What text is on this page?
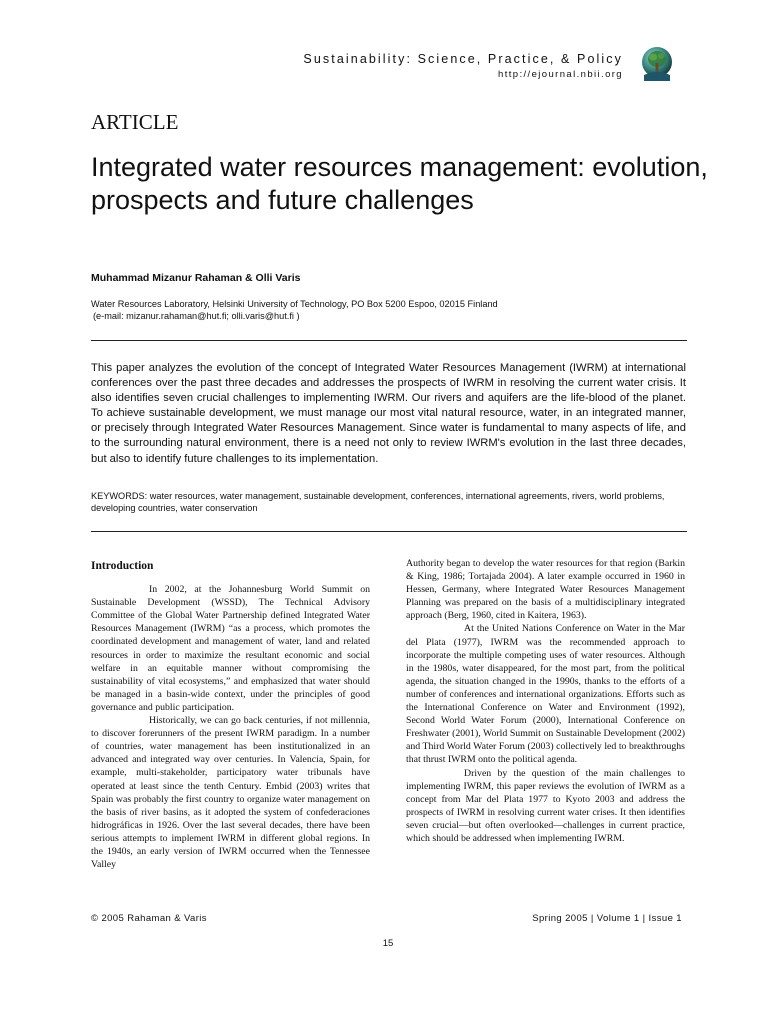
Sustainability: Science, Practice, & Policy
http://ejournal.nbii.org
ARTICLE
Integrated water resources management: evolution, prospects and future challenges
Muhammad Mizanur Rahaman & Olli Varis
Water Resources Laboratory, Helsinki University of Technology, PO Box 5200 Espoo, 02015 Finland
(e-mail: mizanur.rahaman@hut.fi; olli.varis@hut.fi )

This paper analyzes the evolution of the concept of Integrated Water Resources Management (IWRM) at international conferences over the past three decades and addresses the prospects of IWRM in resolving the current water crisis. It also identifies seven crucial challenges to implementing IWRM. Our rivers and aquifers are the life-blood of the planet. To achieve sustainable development, we must manage our most vital natural resource, water, in an integrated manner, or precisely through Integrated Water Resources Management. Since water is fundamental to many aspects of life, and to the surrounding natural environment, there is a need not only to review IWRM's evolution in the last three decades, but also to identify future challenges to its implementation.

KEYWORDS: water resources, water management, sustainable development, conferences, international agreements, rivers, world problems, developing countries, water conservation

Introduction

In 2002, at the Johannesburg World Summit on Sustainable Development (WSSD), The Technical Advisory Committee of the Global Water Partnership defined Integrated Water Resources Management (IWRM) “as a process, which promotes the coordinated development and management of water, land and related resources in order to maximize the resultant economic and social welfare in an equitable manner without compromising the sustainability of vital ecosystems,” and emphasized that water should be managed in a basin-wide context, under the principles of good governance and public participation.

Historically, we can go back centuries, if not millennia, to discover forerunners of the present IWRM paradigm. In a number of countries, water management has been institutionalized in an advanced and integrated way over centuries. In Valencia, Spain, for example, multi-stakeholder, participatory water tribunals have operated at least since the tenth Century. Embid (2003) writes that Spain was probably the first country to organize water management on the basis of river basins, as it adopted the system of confederaciones hidrográficas in 1926. Over the last several decades, there have been serious attempts to implement IWRM in different global regions. In the 1940s, an early version of IWRM occurred when the Tennessee Valley

Authority began to develop the water resources for that region (Barkin & King, 1986; Tortajada 2004). A later example occurred in 1960 in Hessen, Germany, where Integrated Water Resources Management Planning was prepared on the basis of a multidisciplinary integrated approach (Berg, 1960, cited in Kaitera, 1963).

At the United Nations Conference on Water in the Mar del Plata (1977), IWRM was the recommended approach to incorporate the multiple competing uses of water resources. Although in the 1980s, water disappeared, for the most part, from the political agenda, the situation changed in the 1990s, thanks to the efforts of a number of conferences and international organizations. Efforts such as the International Conference on Water and Environment (1992), Second World Water Forum (2000), International Conference on Freshwater (2001), World Summit on Sustainable Development (2002) and Third World Water Forum (2003) collectively led to breakthroughs that thrust IWRM onto the political agenda.

Driven by the question of the main challenges to implementing IWRM, this paper reviews the evolution of IWRM as a concept from Mar del Plata 1977 to Kyoto 2003 and address the prospects of IWRM in resolving current water crises. It then identifies seven crucial—but often overlooked—challenges in current practice, which should be addressed when implementing IWRM.

© 2005 Rahaman & Varis	Spring 2005 | Volume 1 | Issue 1
15
